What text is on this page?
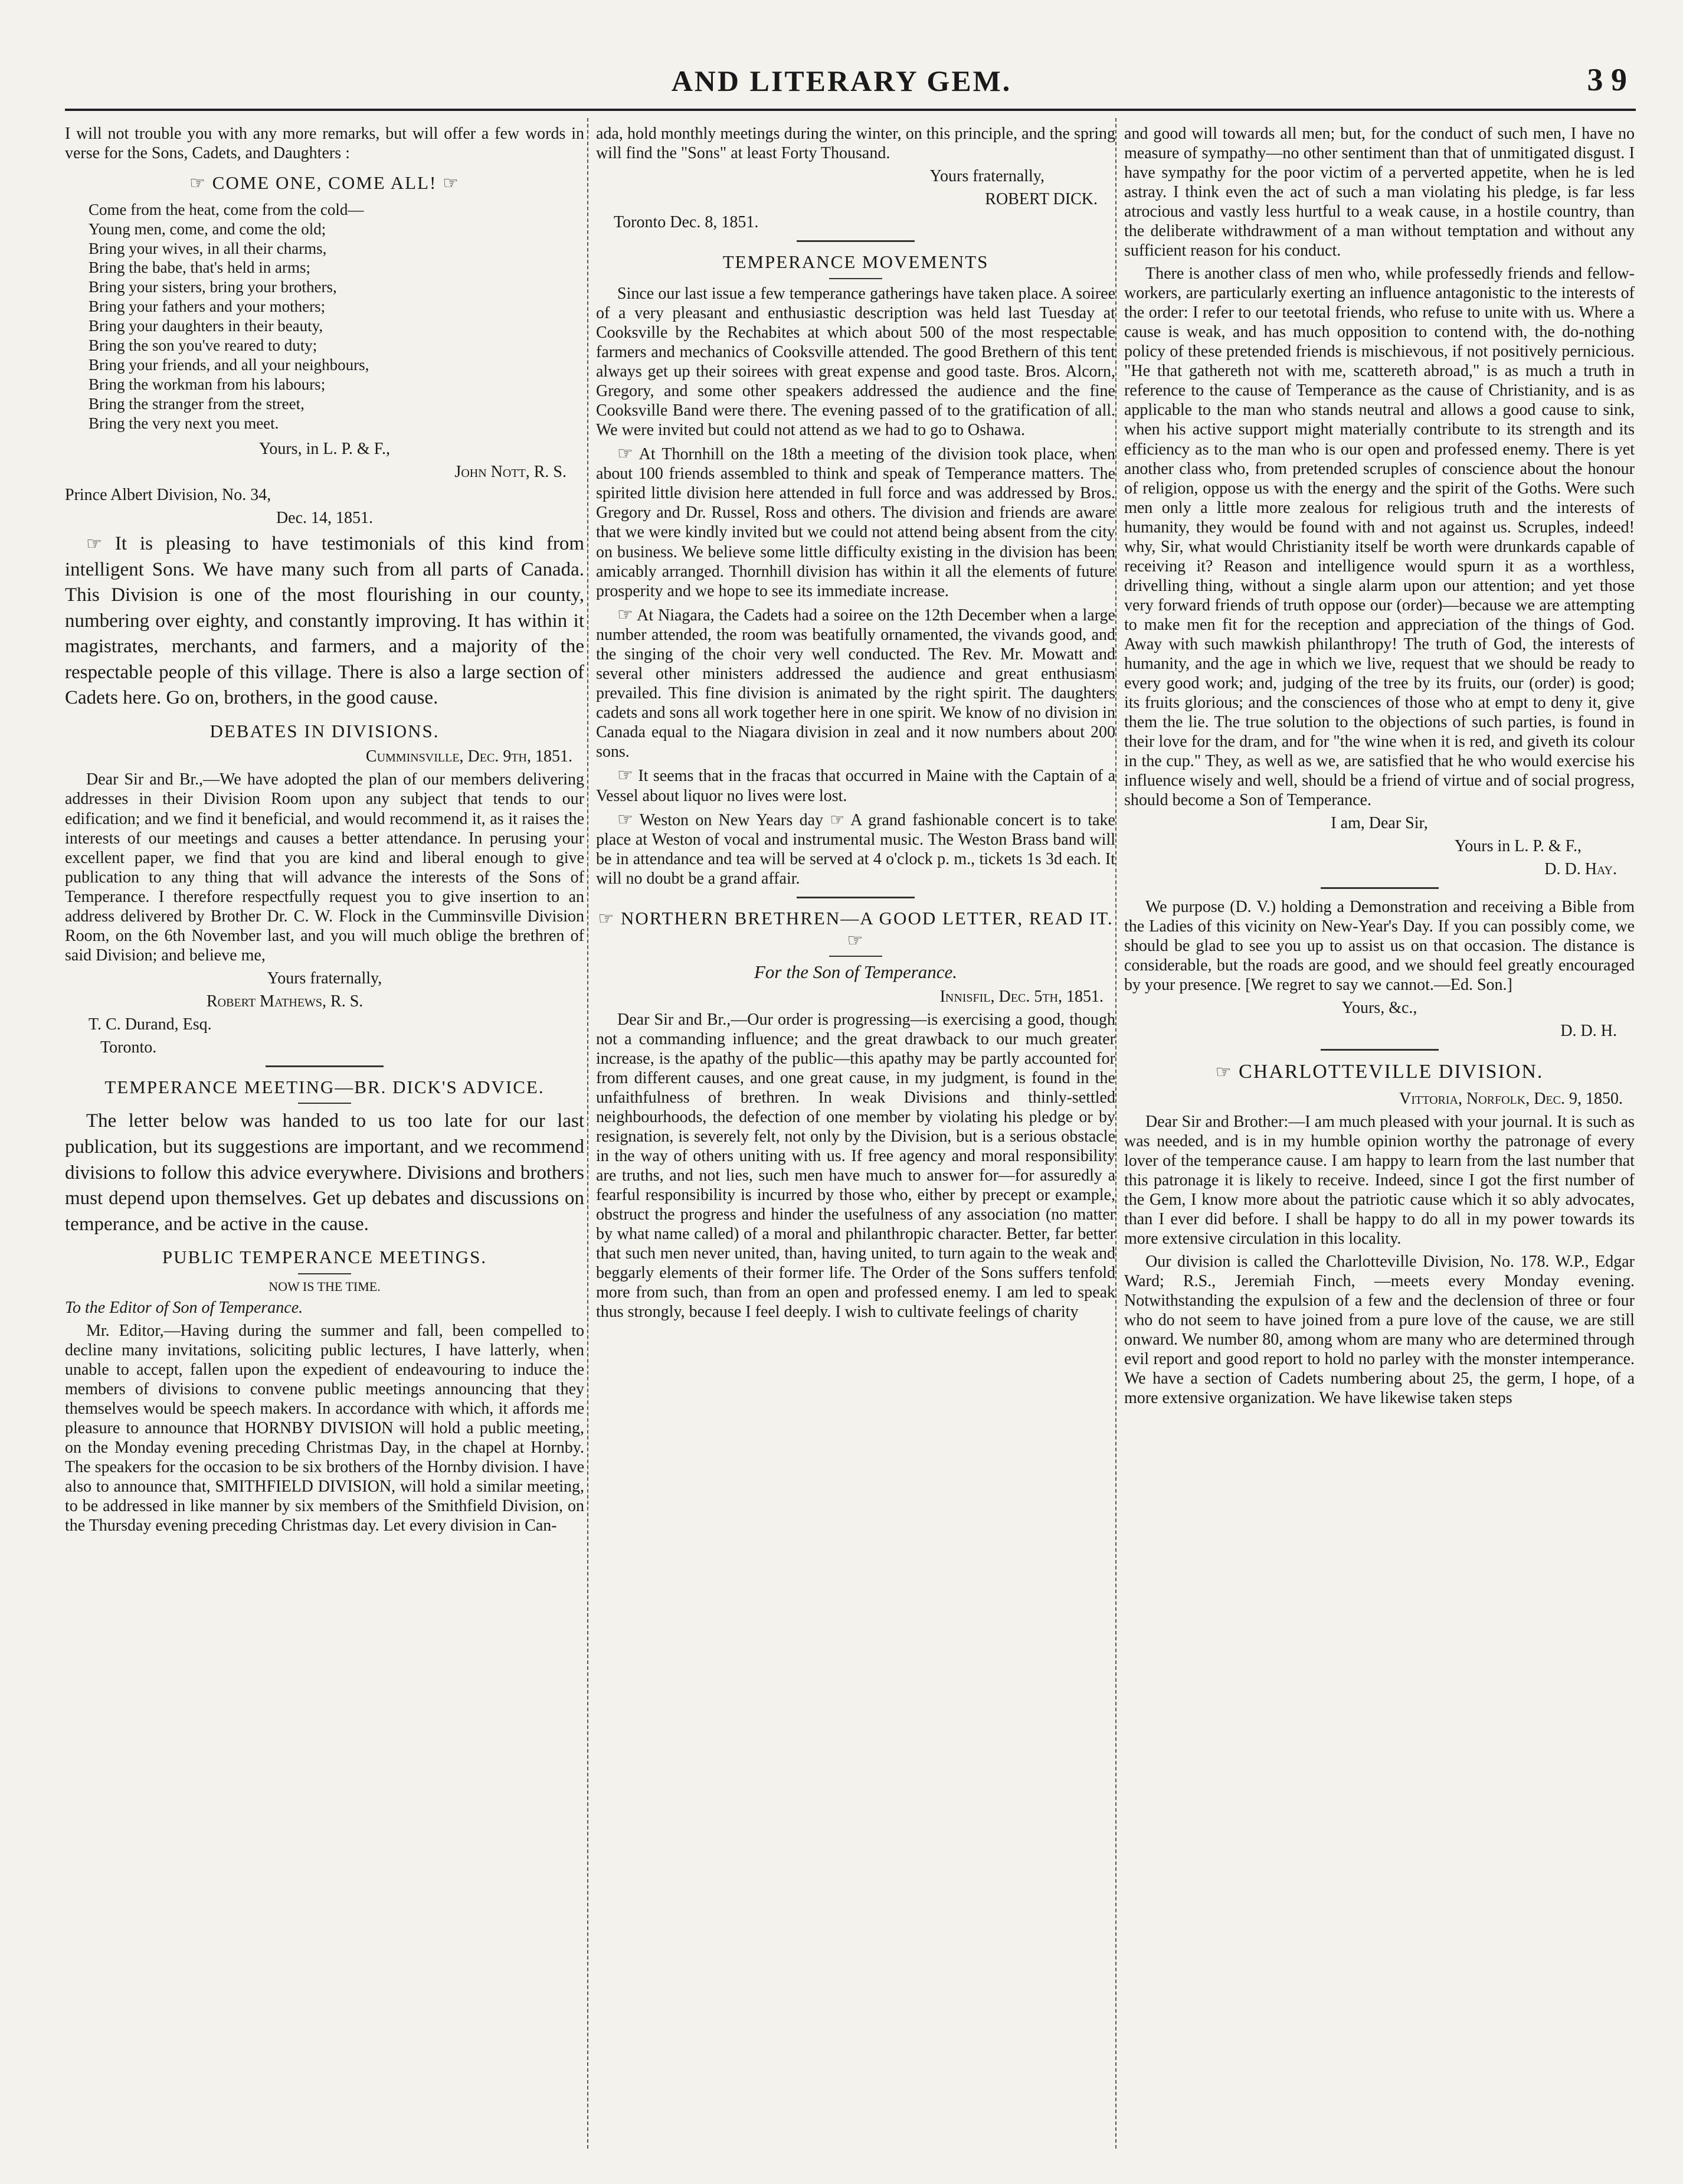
AND LITERARY GEM.	3 9

I will not trouble you with any more remarks, but will offer a few words in verse for the Sons, Cadets, and Daughters :

☞ COME ONE, COME ALL! ☞
Come from the heat, come from the cold—
Young men, come, and come the old;
Bring your wives, in all their charms,
Bring the babe, that's held in arms;
Bring your sisters, bring your brothers,
Bring your fathers and your mothers;
Bring your daughters in their beauty,
Bring the son you've reared to duty;
Bring your friends, and all your neighbours,
Bring the workman from his labours;
Bring the stranger from the street,
Bring the very next you meet.

Yours, in L. P. & F.,

John Nott, R. S.

Prince Albert Division, No. 34,

Dec. 14, 1851.

☞ It is pleasing to have testimonials of this kind from intelligent Sons. We have many such from all parts of Canada. This Division is one of the most flourishing in our county, numbering over eighty, and constantly improving. It has within it magistrates, merchants, and farmers, and a majority of the respectable people of this village. There is also a large section of Cadets here. Go on, brothers, in the good cause.

DEBATES IN DIVISIONS.

Cumminsville, Dec. 9th, 1851.

Dear Sir and Br.,—We have adopted the plan of our members delivering addresses in their Division Room upon any subject that tends to our edification; and we find it beneficial, and would recommend it, as it raises the interests of our meetings and causes a better attendance. In perusing your excellent paper, we find that you are kind and liberal enough to give publication to any thing that will advance the interests of the Sons of Temperance. I therefore respectfully request you to give insertion to an address delivered by Brother Dr. C. W. Flock in the Cumminsville Division Room, on the 6th November last, and you will much oblige the brethren of said Division; and believe me,

Yours fraternally,

Robert Mathews, R. S.

T. C. Durand, Esq.

Toronto.

TEMPERANCE MEETING—BR. DICK'S ADVICE.

The letter below was handed to us too late for our last publication, but its suggestions are important, and we recommend divisions to follow this advice everywhere. Divisions and brothers must depend upon themselves. Get up debates and discussions on temperance, and be active in the cause.

PUBLIC TEMPERANCE MEETINGS.

NOW IS THE TIME.

To the Editor of Son of Temperance.

Mr. Editor,—Having during the summer and fall, been compelled to decline many invitations, soliciting public lectures, I have latterly, when unable to accept, fallen upon the expedient of endeavouring to induce the members of divisions to convene public meetings announcing that they themselves would be speech makers. In accordance with which, it affords me pleasure to announce that HORNBY DIVISION will hold a public meeting, on the Monday evening preceding Christmas Day, in the chapel at Hornby. The speakers for the occasion to be six brothers of the Hornby division. I have also to announce that, SMITHFIELD DIVISION, will hold a similar meeting, to be addressed in like manner by six members of the Smithfield Division, on the Thursday evening preceding Christmas day. Let every division in Can-

ada, hold monthly meetings during the winter, on this principle, and the spring will find the "Sons" at least Forty Thousand.

Yours fraternally,

ROBERT DICK.

Toronto Dec. 8, 1851.

TEMPERANCE MOVEMENTS

Since our last issue a few temperance gatherings have taken place. A soiree of a very pleasant and enthusiastic description was held last Tuesday at Cooksville by the Rechabites at which about 500 of the most respectable farmers and mechanics of Cooksville attended. The good Brethern of this tent always get up their soirees with great expense and good taste. Bros. Alcorn, Gregory, and some other speakers addressed the audience and the fine Cooksville Band were there. The evening passed of to the gratification of all. We were invited but could not attend as we had to go to Oshawa.

☞ At Thornhill on the 18th a meeting of the division took place, when about 100 friends assembled to think and speak of Temperance matters. The spirited little division here attended in full force and was addressed by Bros. Gregory and Dr. Russel, Ross and others. The division and friends are aware that we were kindly invited but we could not attend being absent from the city on business. We believe some little difficulty existing in the division has been amicably arranged. Thornhill division has within it all the elements of future prosperity and we hope to see its immediate increase.

☞ At Niagara, the Cadets had a soiree on the 12th December when a large number attended, the room was beatifully ornamented, the vivands good, and the singing of the choir very well conducted. The Rev. Mr. Mowatt and several other ministers addressed the audience and great enthusiasm prevailed. This fine division is animated by the right spirit. The daughters cadets and sons all work together here in one spirit. We know of no division in Canada equal to the Niagara division in zeal and it now numbers about 200 sons.

☞ It seems that in the fracas that occurred in Maine with the Captain of a Vessel about liquor no lives were lost.

☞ Weston on New Years day ☞ A grand fashionable concert is to take place at Weston of vocal and instrumental music. The Weston Brass band will be in attendance and tea will be served at 4 o'clock p. m., tickets 1s 3d each. It will no doubt be a grand affair.

☞ NORTHERN BRETHREN—A GOOD LETTER, READ IT. ☞

For the Son of Temperance.

Innisfil, Dec. 5th, 1851.

Dear Sir and Br.,—Our order is progressing—is exercising a good, though not a commanding influence; and the great drawback to our much greater increase, is the apathy of the public—this apathy may be partly accounted for from different causes, and one great cause, in my judgment, is found in the unfaithfulness of brethren. In weak Divisions and thinly-settled neighbourhoods, the defection of one member by violating his pledge or by resignation, is severely felt, not only by the Division, but is a serious obstacle in the way of others uniting with us. If free agency and moral responsibility are truths, and not lies, such men have much to answer for—for assuredly a fearful responsibility is incurred by those who, either by precept or example, obstruct the progress and hinder the usefulness of any association (no matter by what name called) of a moral and philanthropic character. Better, far better that such men never united, than, having united, to turn again to the weak and beggarly elements of their former life. The Order of the Sons suffers tenfold more from such, than from an open and professed enemy. I am led to speak thus strongly, because I feel deeply. I wish to cultivate feelings of charity

and good will towards all men; but, for the conduct of such men, I have no measure of sympathy—no other sentiment than that of unmitigated disgust. I have sympathy for the poor victim of a perverted appetite, when he is led astray. I think even the act of such a man violating his pledge, is far less atrocious and vastly less hurtful to a weak cause, in a hostile country, than the deliberate withdrawment of a man without temptation and without any sufficient reason for his conduct.

There is another class of men who, while professedly friends and fellow-workers, are particularly exerting an influence antagonistic to the interests of the order: I refer to our teetotal friends, who refuse to unite with us. Where a cause is weak, and has much opposition to contend with, the do-nothing policy of these pretended friends is mischievous, if not positively pernicious. "He that gathereth not with me, scattereth abroad," is as much a truth in reference to the cause of Temperance as the cause of Christianity, and is as applicable to the man who stands neutral and allows a good cause to sink, when his active support might materially contribute to its strength and its efficiency as to the man who is our open and professed enemy. There is yet another class who, from pretended scruples of conscience about the honour of religion, oppose us with the energy and the spirit of the Goths. Were such men only a little more zealous for religious truth and the interests of humanity, they would be found with and not against us. Scruples, indeed! why, Sir, what would Christianity itself be worth were drunkards capable of receiving it? Reason and intelligence would spurn it as a worthless, drivelling thing, without a single alarm upon our attention; and yet those very forward friends of truth oppose our (order)—because we are attempting to make men fit for the reception and appreciation of the things of God. Away with such mawkish philanthropy! The truth of God, the interests of humanity, and the age in which we live, request that we should be ready to every good work; and, judging of the tree by its fruits, our (order) is good; its fruits glorious; and the consciences of those who at empt to deny it, give them the lie. The true solution to the objections of such parties, is found in their love for the dram, and for "the wine when it is red, and giveth its colour in the cup." They, as well as we, are satisfied that he who would exercise his influence wisely and well, should be a friend of virtue and of social progress, should become a Son of Temperance.

I am, Dear Sir,

Yours in L. P. & F.,

D. D. Hay.

We purpose (D. V.) holding a Demonstration and receiving a Bible from the Ladies of this vicinity on New-Year's Day. If you can possibly come, we should be glad to see you up to assist us on that occasion. The distance is considerable, but the roads are good, and we should feel greatly encouraged by your presence. [We regret to say we cannot.—Ed. Son.]

Yours, &c.,

D. D. H.

☞ CHARLOTTEVILLE DIVISION.

Vittoria, Norfolk, Dec. 9, 1850.

Dear Sir and Brother:—I am much pleased with your journal. It is such as was needed, and is in my humble opinion worthy the patronage of every lover of the temperance cause. I am happy to learn from the last number that this patronage it is likely to receive. Indeed, since I got the first number of the Gem, I know more about the patriotic cause which it so ably advocates, than I ever did before. I shall be happy to do all in my power towards its more extensive circulation in this locality.

Our division is called the Charlotteville Division, No. 178. W.P., Edgar Ward; R.S., Jeremiah Finch, —meets every Monday evening. Notwithstanding the expulsion of a few and the declension of three or four who do not seem to have joined from a pure love of the cause, we are still onward. We number 80, among whom are many who are determined through evil report and good report to hold no parley with the monster intemperance. We have a section of Cadets numbering about 25, the germ, I hope, of a more extensive organization. We have likewise taken steps
